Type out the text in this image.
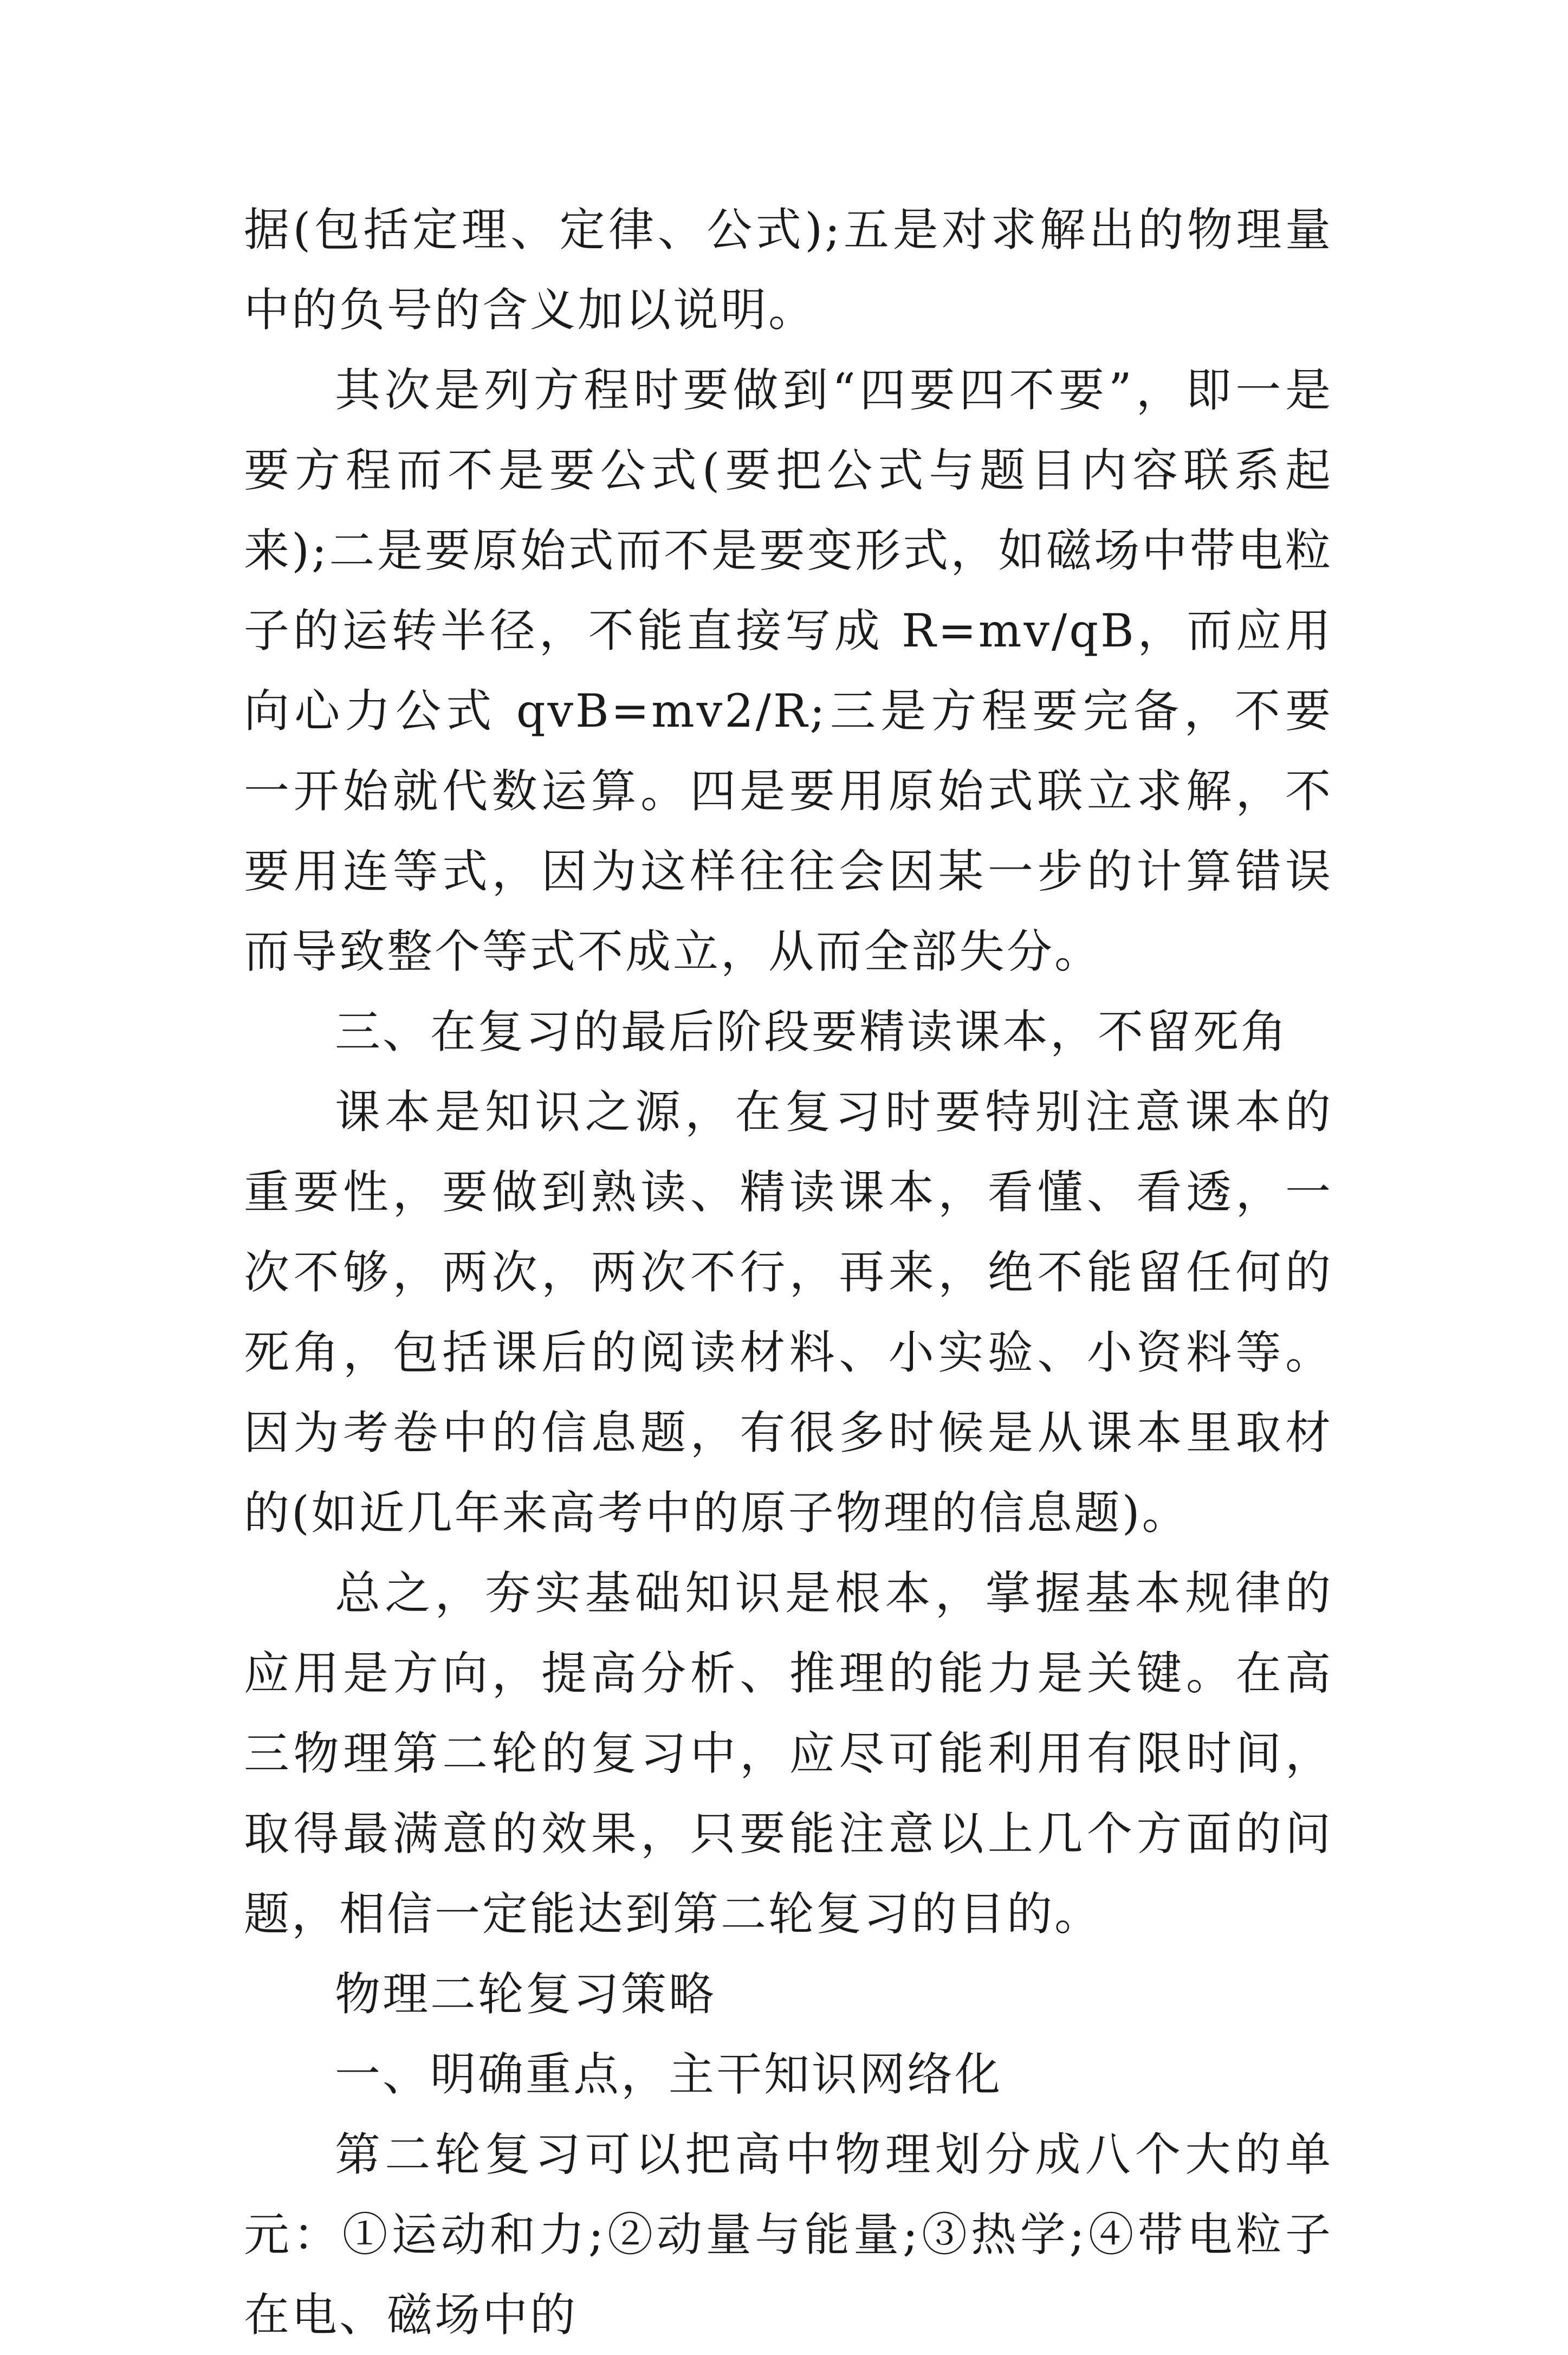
据(包括定理、定律、公式);五是对求解出的物理量中的负号的含义加以说明。

其次是列方程时要做到“四要四不要”，即一是要方程而不是要公式(要把公式与题目内容联系起来);二是要原始式而不是要变形式，如磁场中带电粒子的运转半径，不能直接写成 R=mv/qB，而应用向心力公式 qvB=mv2/R;三是方程要完备，不要一开始就代数运算。四是要用原始式联立求解，不要用连等式，因为这样往往会因某一步的计算错误而导致整个等式不成立，从而全部失分。

三、在复习的最后阶段要精读课本，不留死角

课本是知识之源，在复习时要特别注意课本的重要性，要做到熟读、精读课本，看懂、看透，一次不够，两次，两次不行，再来，绝不能留任何的死角，包括课后的阅读材料、小实验、小资料等。因为考卷中的信息题，有很多时候是从课本里取材的(如近几年来高考中的原子物理的信息题)。

总之，夯实基础知识是根本，掌握基本规律的应用是方向，提高分析、推理的能力是关键。在高三物理第二轮的复习中，应尽可能利用有限时间，取得最满意的效果，只要能注意以上几个方面的问题，相信一定能达到第二轮复习的目的。

物理二轮复习策略

一、明确重点，主干知识网络化

第二轮复习可以把高中物理划分成八个大的单元：①运动和力;②动量与能量;③热学;④带电粒子在电、磁场中的
